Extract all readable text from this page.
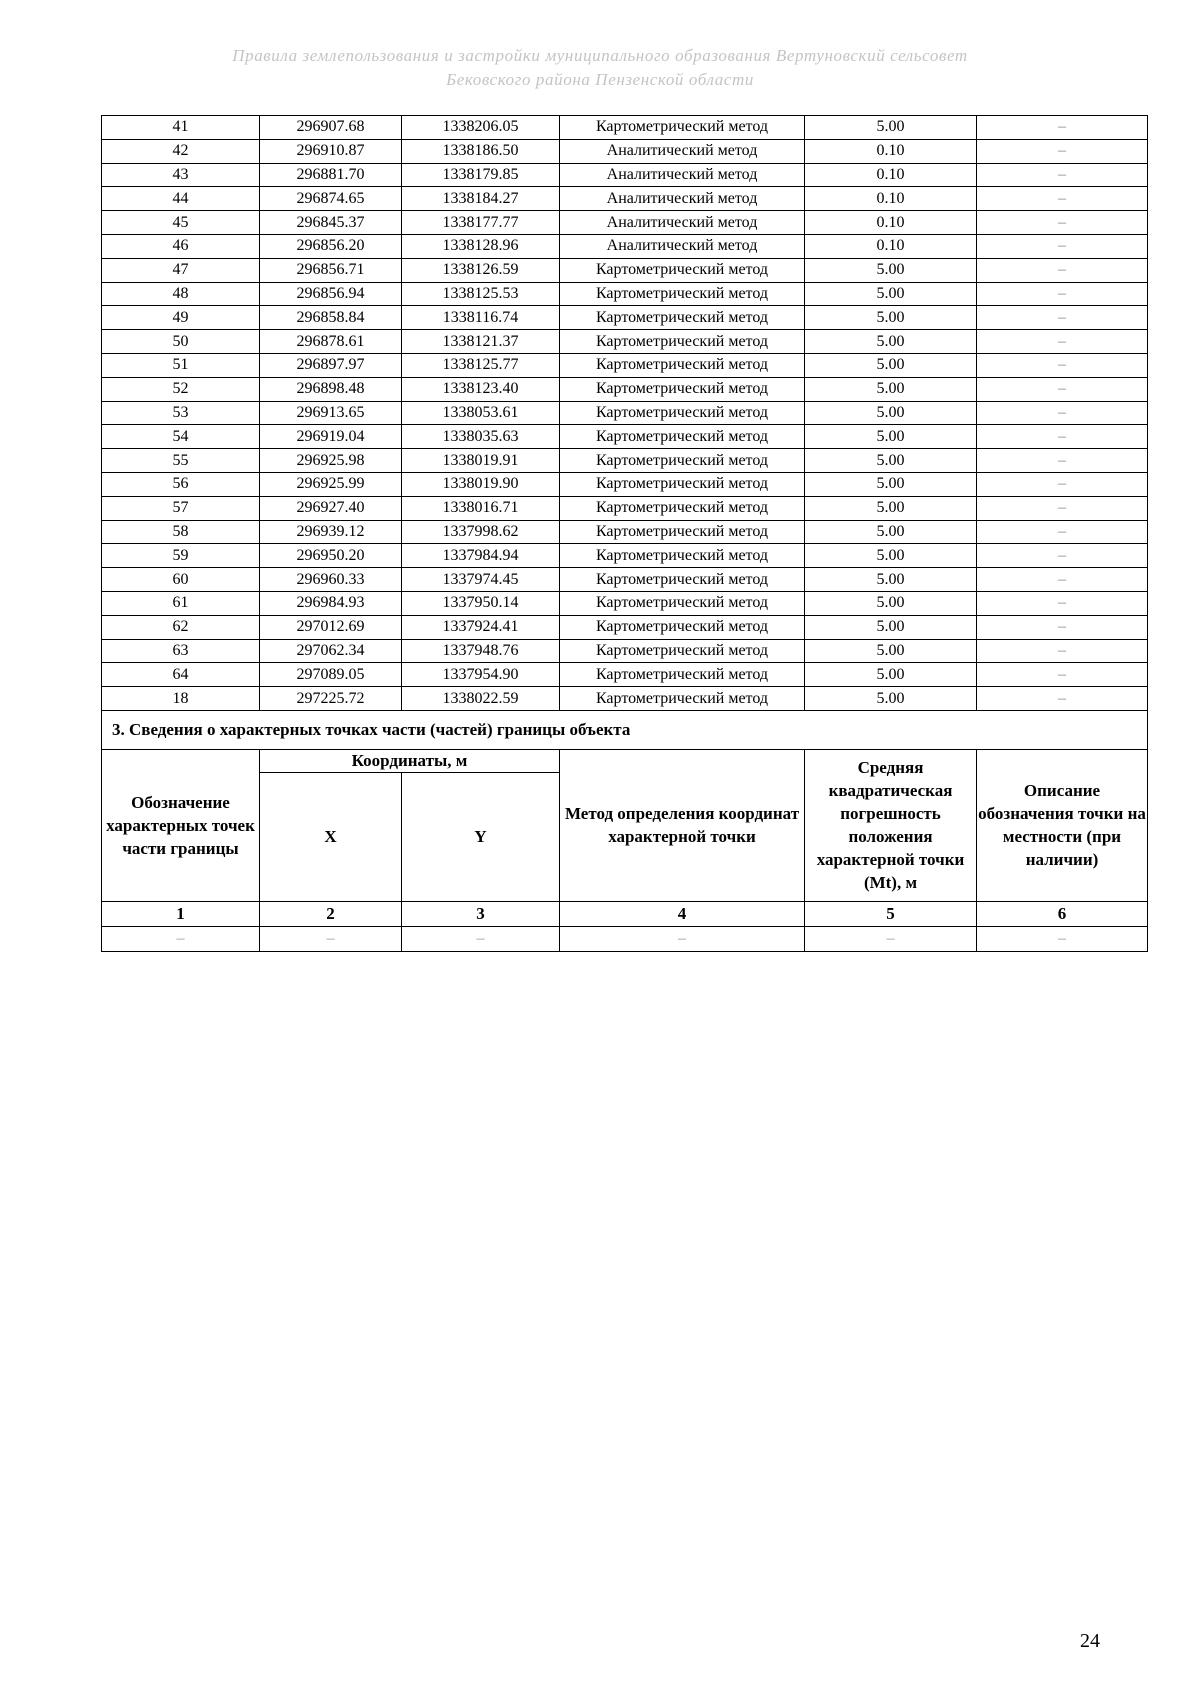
Правила землепользования и застройки муниципального образования Вертуновский сельсовет
Бековского района Пензенской области
41	296907.68	1338206.05	Картометрический метод	5.00	–
42	296910.87	1338186.50	Аналитический метод	0.10	–
43	296881.70	1338179.85	Аналитический метод	0.10	–
44	296874.65	1338184.27	Аналитический метод	0.10	–
45	296845.37	1338177.77	Аналитический метод	0.10	–
46	296856.20	1338128.96	Аналитический метод	0.10	–
47	296856.71	1338126.59	Картометрический метод	5.00	–
48	296856.94	1338125.53	Картометрический метод	5.00	–
49	296858.84	1338116.74	Картометрический метод	5.00	–
50	296878.61	1338121.37	Картометрический метод	5.00	–
51	296897.97	1338125.77	Картометрический метод	5.00	–
52	296898.48	1338123.40	Картометрический метод	5.00	–
53	296913.65	1338053.61	Картометрический метод	5.00	–
54	296919.04	1338035.63	Картометрический метод	5.00	–
55	296925.98	1338019.91	Картометрический метод	5.00	–
56	296925.99	1338019.90	Картометрический метод	5.00	–
57	296927.40	1338016.71	Картометрический метод	5.00	–
58	296939.12	1337998.62	Картометрический метод	5.00	–
59	296950.20	1337984.94	Картометрический метод	5.00	–
60	296960.33	1337974.45	Картометрический метод	5.00	–
61	296984.93	1337950.14	Картометрический метод	5.00	–
62	297012.69	1337924.41	Картометрический метод	5.00	–
63	297062.34	1337948.76	Картометрический метод	5.00	–
64	297089.05	1337954.90	Картометрический метод	5.00	–
18	297225.72	1338022.59	Картометрический метод	5.00	–
3. Сведения о характерных точках части (частей) границы объекта					
Обозначение характерных точек части границы	Координаты, м		Метод определения координат характерной точки	Средняя квадратическая погрешность положения характерной точки (Mt), м	Описание обозначения точки на местности (при наличии)
	X	Y			
1	2	3	4	5	6
–	–	–	–	–	–
24
